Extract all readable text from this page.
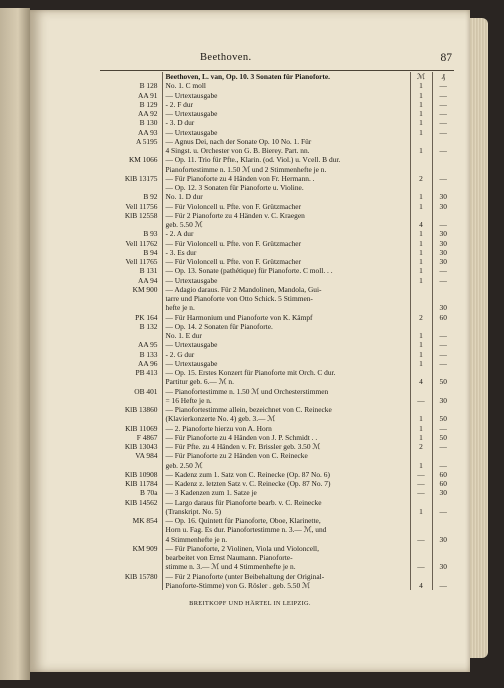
Beethoven.	87
	Beethoven, L. van, Op. 10. 3 Sonaten für Pianoforte.	ℳ	₰
B 128	No. 1. C moll	1	—
AA 91	— Urtextausgabe	1	—
B 129	- 2. F dur	1	—
AA 92	— Urtextausgabe	1	—
B 130	- 3. D dur	1	—
AA 93	— Urtextausgabe	1	—
A 5195	— Agnus Dei, nach der Sonate Op. 10 No. 1. Für		
	4 Singst. u. Orchester von G. B. Bierey. Part. nn.	1	—
KM 1066	— Op. 11. Trio für Pfte., Klarin. (od. Viol.) u. Vcell. B dur.		
	Pianofortestimme n. 1.50 ℳ und 2 Stimmenhefte je n.		
KlB 13175	— Für Pianoforte zu 4 Händen von Fr. Hermann. .	2	—
	— Op. 12. 3 Sonaten für Pianoforte u. Violine.		
B 92	No. 1. D dur	1	30
Vell 11756	— Für Violoncell u. Pfte. von F. Grützmacher	1	30
KlB 12558	— Für 2 Pianoforte zu 4 Händen v. C. Kraegen		
	geb. 5.50 ℳ	4	—
B 93	- 2. A dur	1	30
Vell 11762	— Für Violoncell u. Pfte. von F. Grützmacher	1	30
B 94	- 3. Es dur	1	30
Vell 11765	— Für Violoncell u. Pfte. von F. Grützmacher	1	30
B 131	— Op. 13. Sonate (pathétique) für Pianoforte. C moll. . .	1	—
AA 94	— Urtextausgabe	1	—
KM 900	— Adagio daraus. Für 2 Mandolinen, Mandola, Gui-		
	tarre und Pianoforte von Otto Schick. 5 Stimmen-		
	hefte je n.		30
PK 164	— Für Harmonium und Pianoforte von K. Kämpf	2	60
B 132	— Op. 14. 2 Sonaten für Pianoforte.		
	No. 1. E dur	1	—
AA 95	— Urtextausgabe	1	—
B 133	- 2. G dur	1	—
AA 96	— Urtextausgabe	1	—
PB 413	— Op. 15. Erstes Konzert für Pianoforte mit Orch. C dur.		
	Partitur geb. 6.— ℳ n.	4	50
OB 401	— Pianofortestimme n. 1.50 ℳ und Orchesterstimmen		
	= 16 Hefte je n.	—	30
KlB 13860	— Pianofortestimme allein, bezeichnet von C. Reinecke		
	(Klavierkonzerte No. 4) geb. 3.— ℳ	1	50
KlB 11069	— 2. Pianoforte hierzu von A. Horn	1	—
F 4867	— Für Pianoforte zu 4 Händen von J. P. Schmidt . .	1	50
KlB 13043	— Für Pfte. zu 4 Händen v. Fr. Brissler geb. 3.50 ℳ	2	—
VA 984	— Für Pianoforte zu 2 Händen von C. Reinecke		
	geb. 2.50 ℳ	1	—
KlB 10908	— Kadenz zum 1. Satz von C. Reinecke (Op. 87 No. 6)	—	60
KlB 11784	— Kadenz z. letzten Satz v. C. Reinecke (Op. 87 No. 7)	—	60
B 70a	— 3 Kadenzen zum 1. Satze je	—	30
KlB 14562	— Largo daraus für Pianoforte bearb. v. C. Reinecke		
	(Transkript. No. 5)	1	—
MK 854	— Op. 16. Quintett für Pianoforte, Oboe, Klarinette,		
	Horn u. Fag. Es dur. Pianofortestimme n. 3.— ℳ, und		
	4 Stimmenhefte je n.	—	30
KM 909	— Für Pianoforte, 2 Violinen, Viola und Violoncell,		
	bearbeitet von Ernst Naumann. Pianoforte-		
	stimme n. 3.— ℳ und 4 Stimmenhefte je n.	—	30
KlB 15780	— Für 2 Pianoforte (unter Beibehaltung der Original-		
	Pianoforte-Stimme) von G. Rösler . geb. 5.50 ℳ	4	—
BREITKOPF UND HÄRTEL IN LEIPZIG.
